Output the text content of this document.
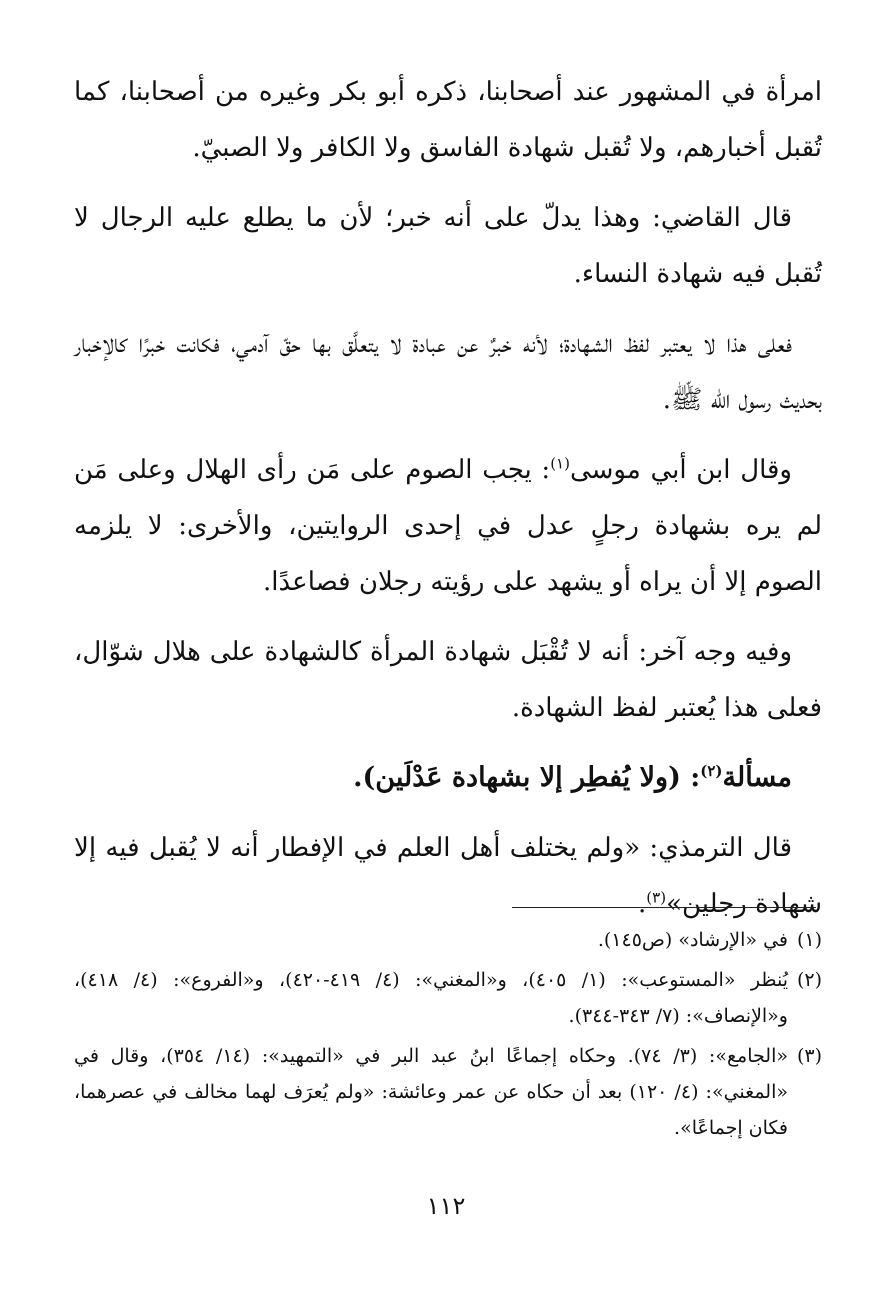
امرأة في المشهور عند أصحابنا، ذكره أبو بكر وغيره من أصحابنا، كما تُقبل أخبارهم، ولا تُقبل شهادة الفاسق ولا الكافر ولا الصبيّ.

قال القاضي: وهذا يدلّ على أنه خبر؛ لأن ما يطلع عليه الرجال لا تُقبل فيه شهادة النساء.

فعلى هذا لا يعتبر لفظ الشهادة؛ لأنه خبرٌ عن عبادة لا يتعلَّق بها حقّ آدمي، فكانت خبرًا كالإخبار بحديث رسول الله ﷺ.

وقال ابن أبي موسى$^{(١)}$: يجب الصوم على مَن رأى الهلال وعلى مَن لم يره بشهادة رجلٍ عدل في إحدى الروايتين، والأخرى: لا يلزمه الصوم إلا أن يراه أو يشهد على رؤيته رجلان فصاعدًا.

وفيه وجه آخر: أنه لا تُقْبَل شهادة المرأة كالشهادة على هلال شوّال، فعلى هذا يُعتبر لفظ الشهادة.

مسألة$^{(٢)}$: (ولا يُفطِر إلا بشهادة عَدْلَين).

قال الترمذي: «ولم يختلف أهل العلم في الإفطار أنه لا يُقبل فيه إلا شهادة رجلين»$^{(٣)}$.

(١)
في «الإرشاد» (ص١٤٥).
(٢)
يُنظر «المستوعب»: (١/ ٤٠٥)، و«المغني»: (٤/ ٤١٩-٤٢٠)، و«الفروع»: (٤/ ٤١٨)، و«الإنصاف»: (٧/ ٣٤٣-٣٤٤).
(٣)
«الجامع»: (٣/ ٧٤). وحكاه إجماعًا ابنُ عبد البر في «التمهيد»: (١٤/ ٣٥٤)، وقال في «المغني»: (٤/ ١٢٠) بعد أن حكاه عن عمر وعائشة: «ولم يُعرَف لهما مخالف في عصرهما، فكان إجماعًا».
١١٢
